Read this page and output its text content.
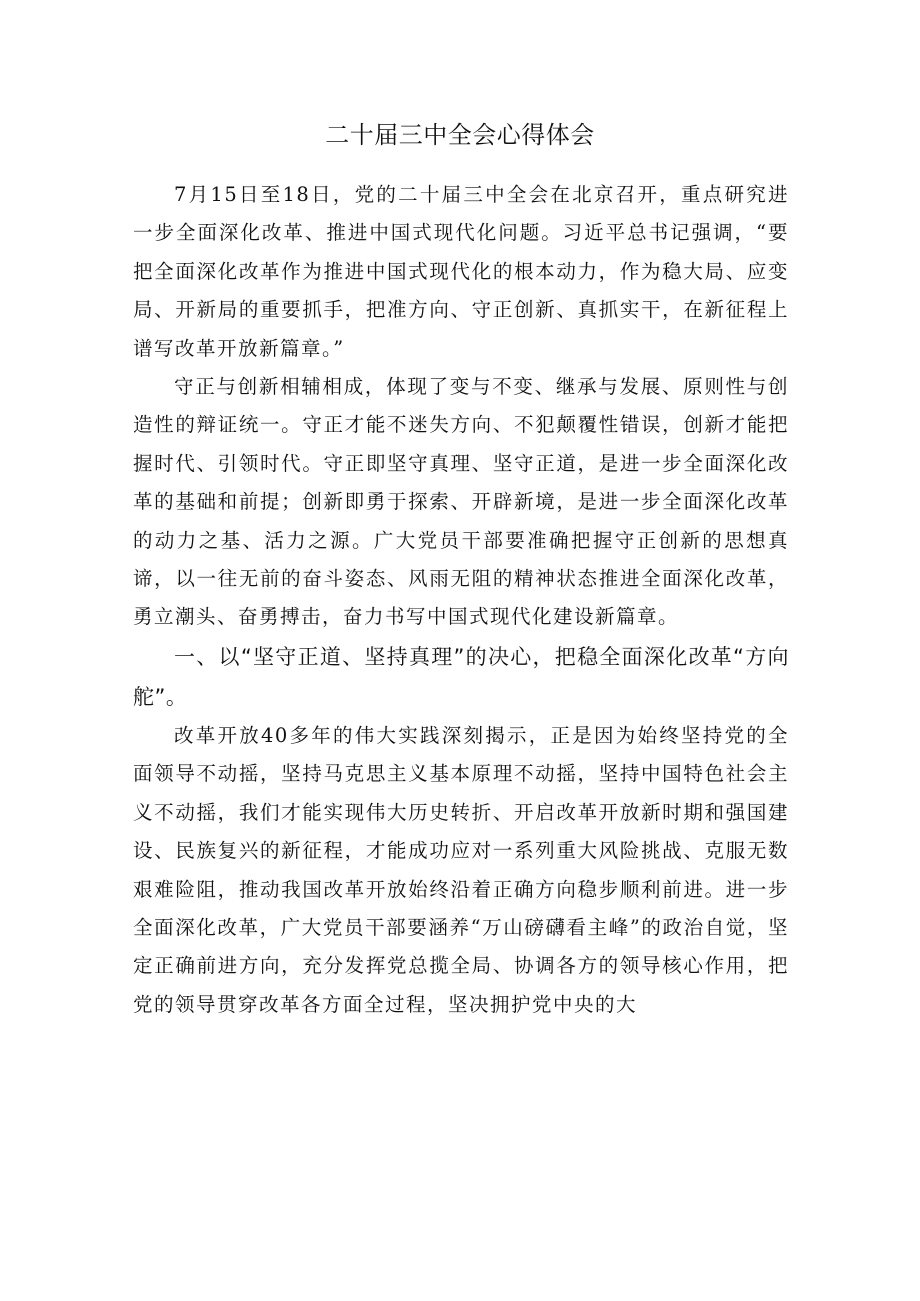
二十届三中全会心得体会

7月15日至18日，党的二十届三中全会在北京召开，重点研究进一步全面深化改革、推进中国式现代化问题。习近平总书记强调，“要把全面深化改革作为推进中国式现代化的根本动力，作为稳大局、应变局、开新局的重要抓手，把准方向、守正创新、真抓实干，在新征程上谱写改革开放新篇章。”

守正与创新相辅相成，体现了变与不变、继承与发展、原则性与创造性的辩证统一。守正才能不迷失方向、不犯颠覆性错误，创新才能把握时代、引领时代。守正即坚守真理、坚守正道，是进一步全面深化改革的基础和前提；创新即勇于探索、开辟新境，是进一步全面深化改革的动力之基、活力之源。广大党员干部要准确把握守正创新的思想真谛，以一往无前的奋斗姿态、风雨无阻的精神状态推进全面深化改革，勇立潮头、奋勇搏击，奋力书写中国式现代化建设新篇章。

一、以“坚守正道、坚持真理”的决心，把稳全面深化改革“方向舵”。

改革开放40多年的伟大实践深刻揭示，正是因为始终坚持党的全面领导不动摇，坚持马克思主义基本原理不动摇，坚持中国特色社会主义不动摇，我们才能实现伟大历史转折、开启改革开放新时期和强国建设、民族复兴的新征程，才能成功应对一系列重大风险挑战、克服无数艰难险阻，推动我国改革开放始终沿着正确方向稳步顺利前进。进一步全面深化改革，广大党员干部要涵养“万山磅礴看主峰”的政治自觉，坚定正确前进方向，充分发挥党总揽全局、协调各方的领导核心作用，把党的领导贯穿改革各方面全过程，坚决拥护党中央的大
